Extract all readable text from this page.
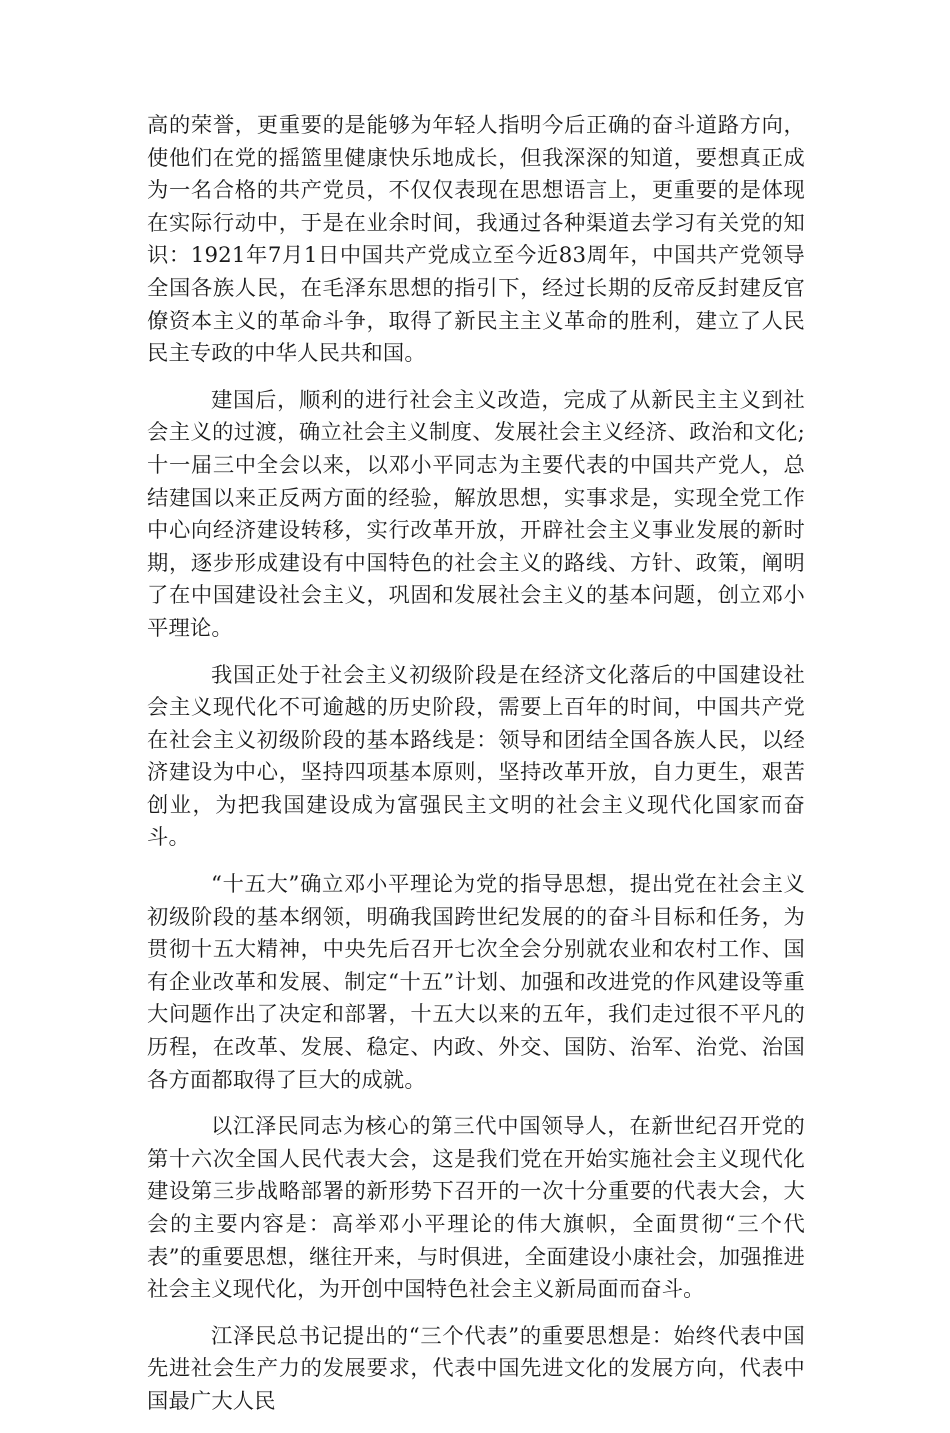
高的荣誉，更重要的是能够为年轻人指明今后正确的奋斗道路方向，使他们在党的摇篮里健康快乐地成长，但我深深的知道，要想真正成为一名合格的共产党员，不仅仅表现在思想语言上，更重要的是体现在实际行动中，于是在业余时间，我通过各种渠道去学习有关党的知识：1921年7月1日中国共产党成立至今近83周年，中国共产党领导全国各族人民，在毛泽东思想的指引下，经过长期的反帝反封建反官僚资本主义的革命斗争，取得了新民主主义革命的胜利，建立了人民民主专政的中华人民共和国。

建国后，顺利的进行社会主义改造，完成了从新民主主义到社会主义的过渡，确立社会主义制度、发展社会主义经济、政治和文化;十一届三中全会以来，以邓小平同志为主要代表的中国共产党人，总结建国以来正反两方面的经验，解放思想，实事求是，实现全党工作中心向经济建设转移，实行改革开放，开辟社会主义事业发展的新时期，逐步形成建设有中国特色的社会主义的路线、方针、政策，阐明了在中国建设社会主义，巩固和发展社会主义的基本问题，创立邓小平理论。

我国正处于社会主义初级阶段是在经济文化落后的中国建设社会主义现代化不可逾越的历史阶段，需要上百年的时间，中国共产党在社会主义初级阶段的基本路线是：领导和团结全国各族人民，以经济建设为中心，坚持四项基本原则，坚持改革开放，自力更生，艰苦创业，为把我国建设成为富强民主文明的社会主义现代化国家而奋斗。

“十五大”确立邓小平理论为党的指导思想，提出党在社会主义初级阶段的基本纲领，明确我国跨世纪发展的的奋斗目标和任务，为贯彻十五大精神，中央先后召开七次全会分别就农业和农村工作、国有企业改革和发展、制定“十五”计划、加强和改进党的作风建设等重大问题作出了决定和部署，十五大以来的五年，我们走过很不平凡的历程，在改革、发展、稳定、内政、外交、国防、治军、治党、治国各方面都取得了巨大的成就。

以江泽民同志为核心的第三代中国领导人，在新世纪召开党的第十六次全国人民代表大会，这是我们党在开始实施社会主义现代化建设第三步战略部署的新形势下召开的一次十分重要的代表大会，大会的主要内容是：高举邓小平理论的伟大旗帜，全面贯彻“三个代表”的重要思想，继往开来，与时俱进，全面建设小康社会，加强推进社会主义现代化，为开创中国特色社会主义新局面而奋斗。

江泽民总书记提出的“三个代表”的重要思想是：始终代表中国先进社会生产力的发展要求，代表中国先进文化的发展方向，代表中国最广大人民
